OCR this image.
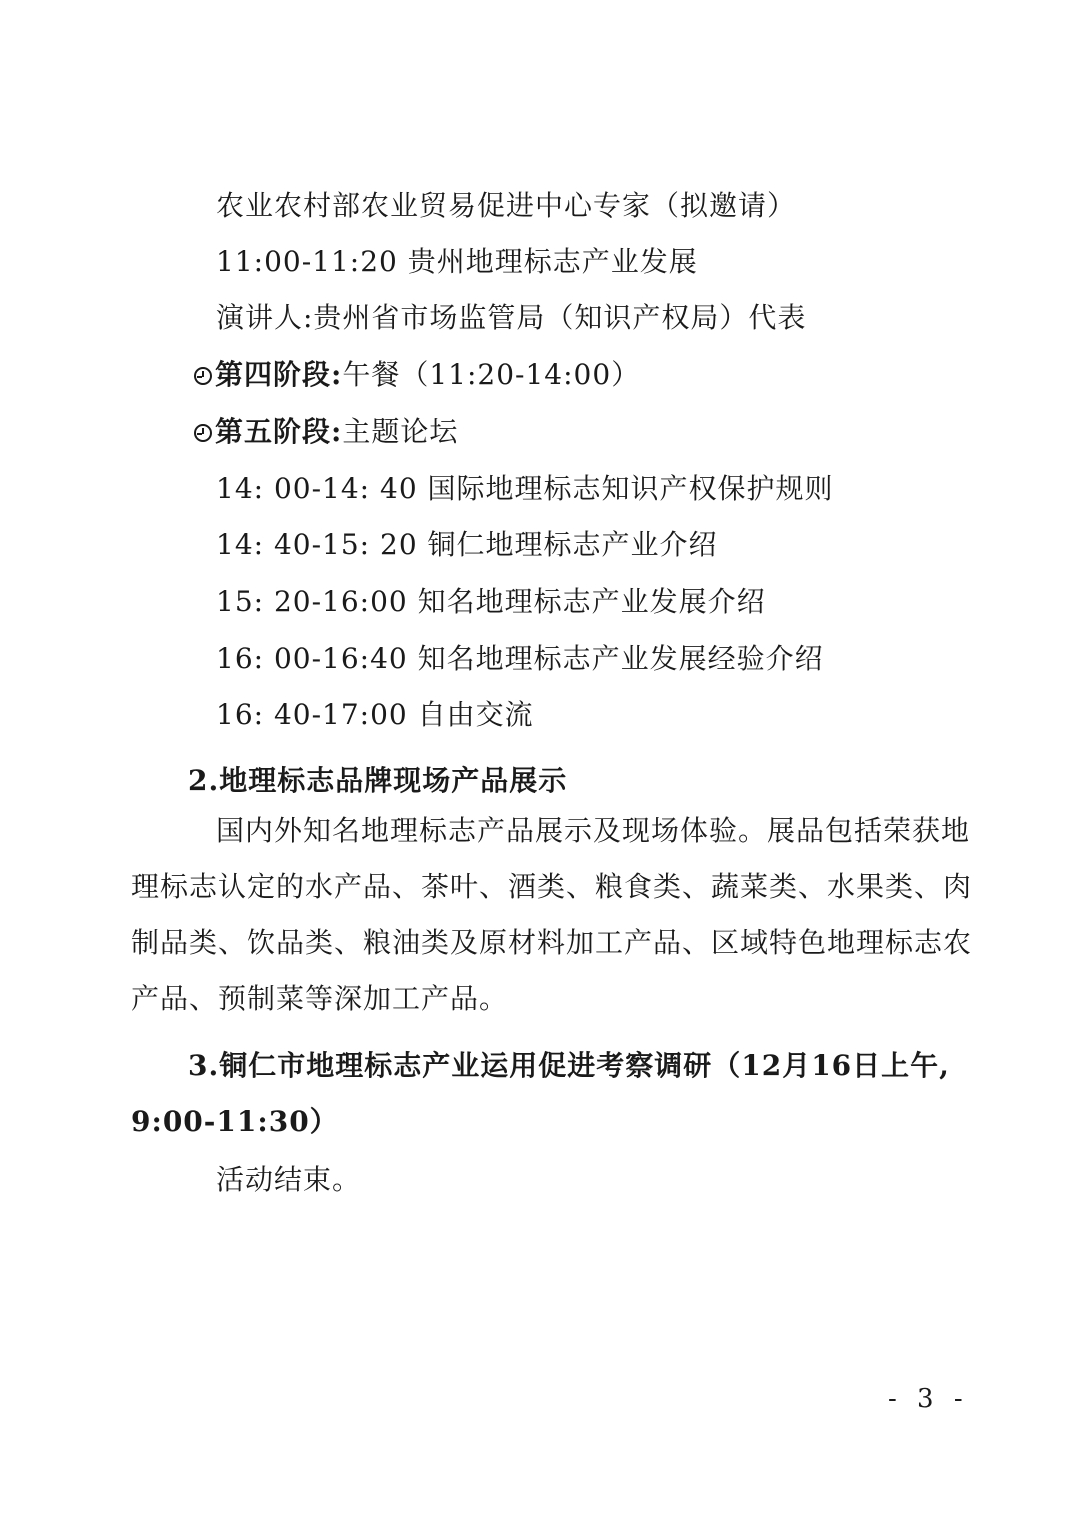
农业农村部农业贸易促进中心专家（拟邀请）
11:00-11:20 贵州地理标志产业发展
演讲人:贵州省市场监管局（知识产权局）代表
第四阶段:午餐（11:20-14:00）
第五阶段:主题论坛
14: 00-14: 40 国际地理标志知识产权保护规则
14: 40-15: 20 铜仁地理标志产业介绍
15: 20-16:00 知名地理标志产业发展介绍
16: 00-16:40 知名地理标志产业发展经验介绍
16: 40-17:00 自由交流
2.地理标志品牌现场产品展示
国内外知名地理标志产品展示及现场体验。展品包括荣获地
理标志认定的水产品、茶叶、酒类、粮食类、蔬菜类、水果类、肉
制品类、饮品类、粮油类及原材料加工产品、区域特色地理标志农
产品、预制菜等深加工产品。
3.铜仁市地理标志产业运用促进考察调研（12月16日上午,
9:00-11:30）
活动结束。
- 3 -
